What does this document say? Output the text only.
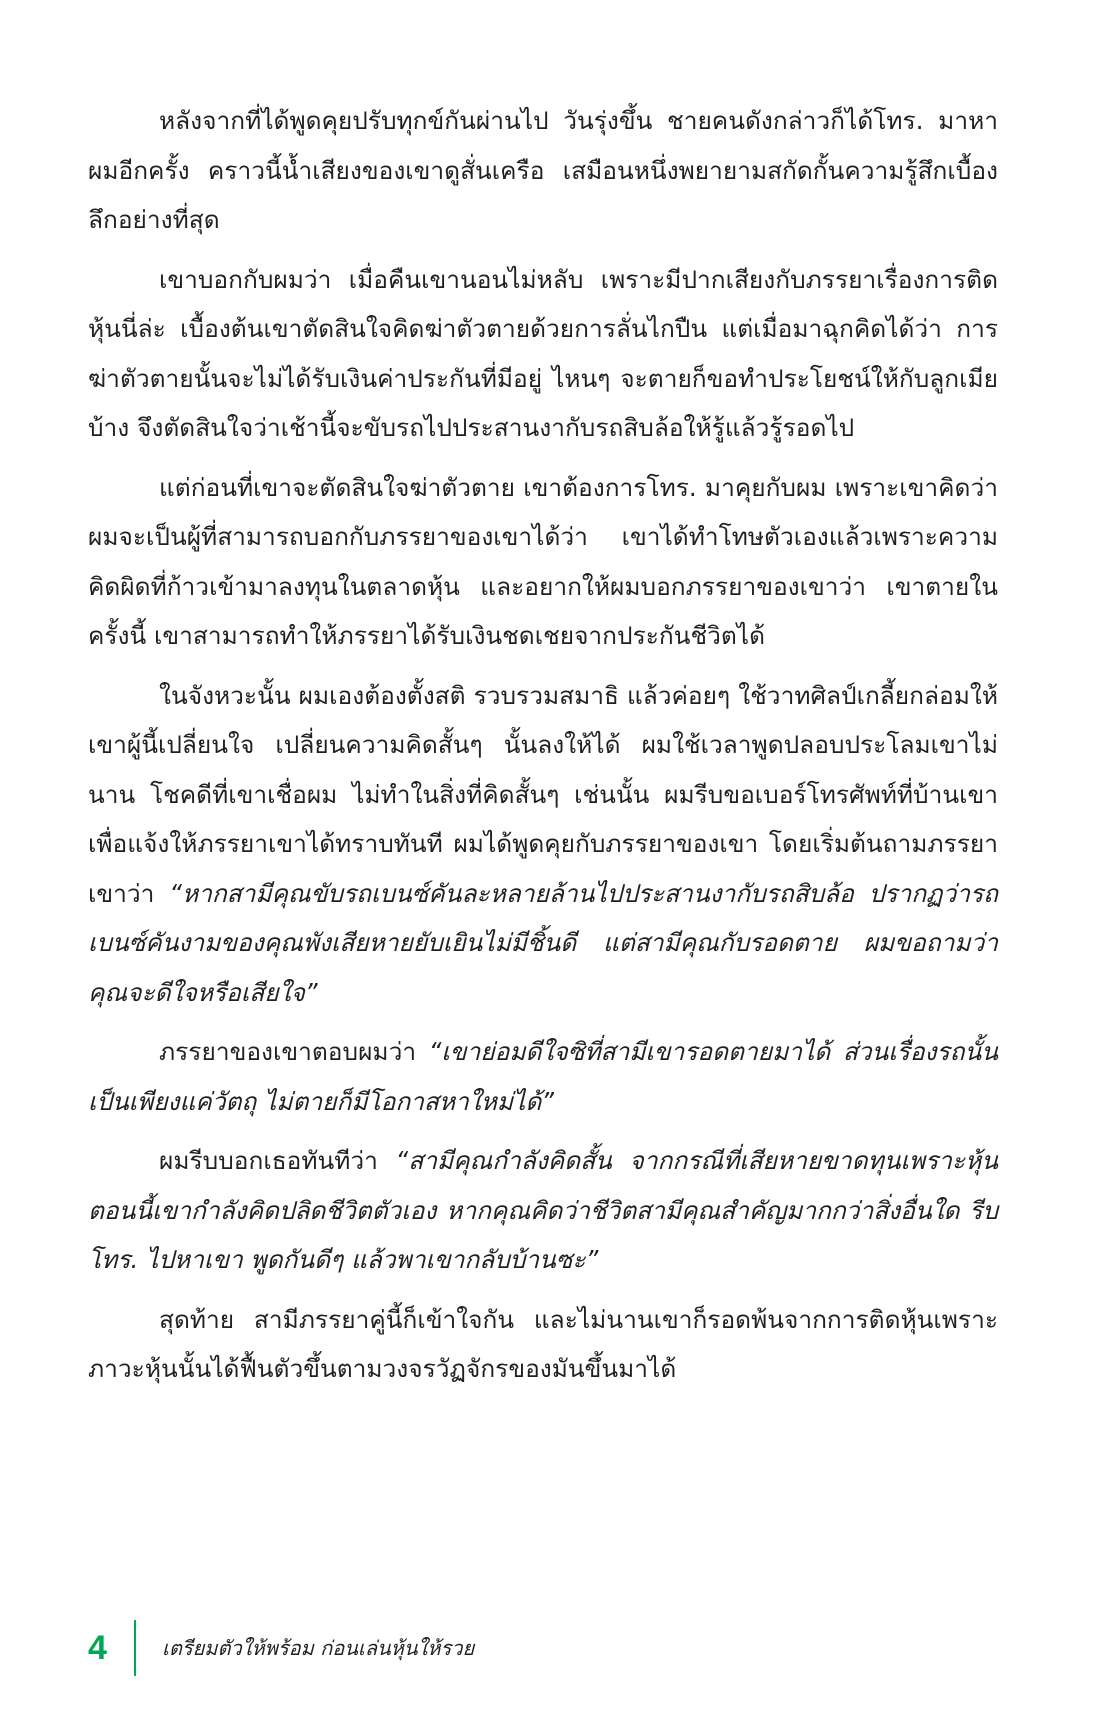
หลังจากที่ได้พูดคุยปรับทุกข์กันผ่านไป วันรุ่งขึ้น ชายคนดังกล่าวก็ได้โทร. มาหาผมอีกครั้ง คราวนี้น้ำเสียงของเขาดูสั่นเครือ เสมือนหนึ่งพยายามสกัดกั้นความรู้สึกเบื้องลึกอย่างที่สุด

เขาบอกกับผมว่า เมื่อคืนเขานอนไม่หลับ เพราะมีปากเสียงกับภรรยาเรื่องการติดหุ้นนี่ล่ะ เบื้องต้นเขาตัดสินใจคิดฆ่าตัวตายด้วยการลั่นไกปืน แต่เมื่อมาฉุกคิดได้ว่า การฆ่าตัวตายนั้นจะไม่ได้รับเงินค่าประกันที่มีอยู่ ไหนๆ จะตายก็ขอทำประโยชน์ให้กับลูกเมียบ้าง จึงตัดสินใจว่าเช้านี้จะขับรถไปประสานงากับรถสิบล้อให้รู้แล้วรู้รอดไป

แต่ก่อนที่เขาจะตัดสินใจฆ่าตัวตาย เขาต้องการโทร. มาคุยกับผม เพราะเขาคิดว่าผมจะเป็นผู้ที่สามารถบอกกับภรรยาของเขาได้ว่า เขาได้ทำโทษตัวเองแล้วเพราะความคิดผิดที่ก้าวเข้ามาลงทุนในตลาดหุ้น และอยากให้ผมบอกภรรยาของเขาว่า เขาตายในครั้งนี้ เขาสามารถทำให้ภรรยาได้รับเงินชดเชยจากประกันชีวิตได้

ในจังหวะนั้น ผมเองต้องตั้งสติ รวบรวมสมาธิ แล้วค่อยๆ ใช้วาทศิลป์เกลี้ยกล่อมให้เขาผู้นี้เปลี่ยนใจ เปลี่ยนความคิดสั้นๆ นั้นลงให้ได้ ผมใช้เวลาพูดปลอบประโลมเขาไม่นาน โชคดีที่เขาเชื่อผม ไม่ทำในสิ่งที่คิดสั้นๆ เช่นนั้น ผมรีบขอเบอร์โทรศัพท์ที่บ้านเขา เพื่อแจ้งให้ภรรยาเขาได้ทราบทันที ผมได้พูดคุยกับภรรยาของเขา โดยเริ่มต้นถามภรรยาเขาว่า “หากสามีคุณขับรถเบนซ์คันละหลายล้านไปประสานงากับรถสิบล้อ ปรากฏว่ารถเบนซ์คันงามของคุณพังเสียหายยับเยินไม่มีชิ้นดี แต่สามีคุณกับรอดตาย ผมขอถามว่าคุณจะดีใจหรือเสียใจ”

ภรรยาของเขาตอบผมว่า “เขาย่อมดีใจซิที่สามีเขารอดตายมาได้ ส่วนเรื่องรถนั้นเป็นเพียงแค่วัตถุ ไม่ตายก็มีโอกาสหาใหม่ได้”

ผมรีบบอกเธอทันทีว่า “สามีคุณกำลังคิดสั้น จากกรณีที่เสียหายขาดทุนเพราะหุ้น ตอนนี้เขากำลังคิดปลิดชีวิตตัวเอง หากคุณคิดว่าชีวิตสามีคุณสำคัญมากกว่าสิ่งอื่นใด รีบโทร. ไปหาเขา พูดกันดีๆ แล้วพาเขากลับบ้านซะ”

สุดท้าย สามีภรรยาคู่นี้ก็เข้าใจกัน และไม่นานเขาก็รอดพ้นจากการติดหุ้นเพราะภาวะหุ้นนั้นได้ฟื้นตัวขึ้นตามวงจรวัฏจักรของมันขึ้นมาได้

4	เตรียมตัวให้พร้อม ก่อนเล่นหุ้นให้รวย
